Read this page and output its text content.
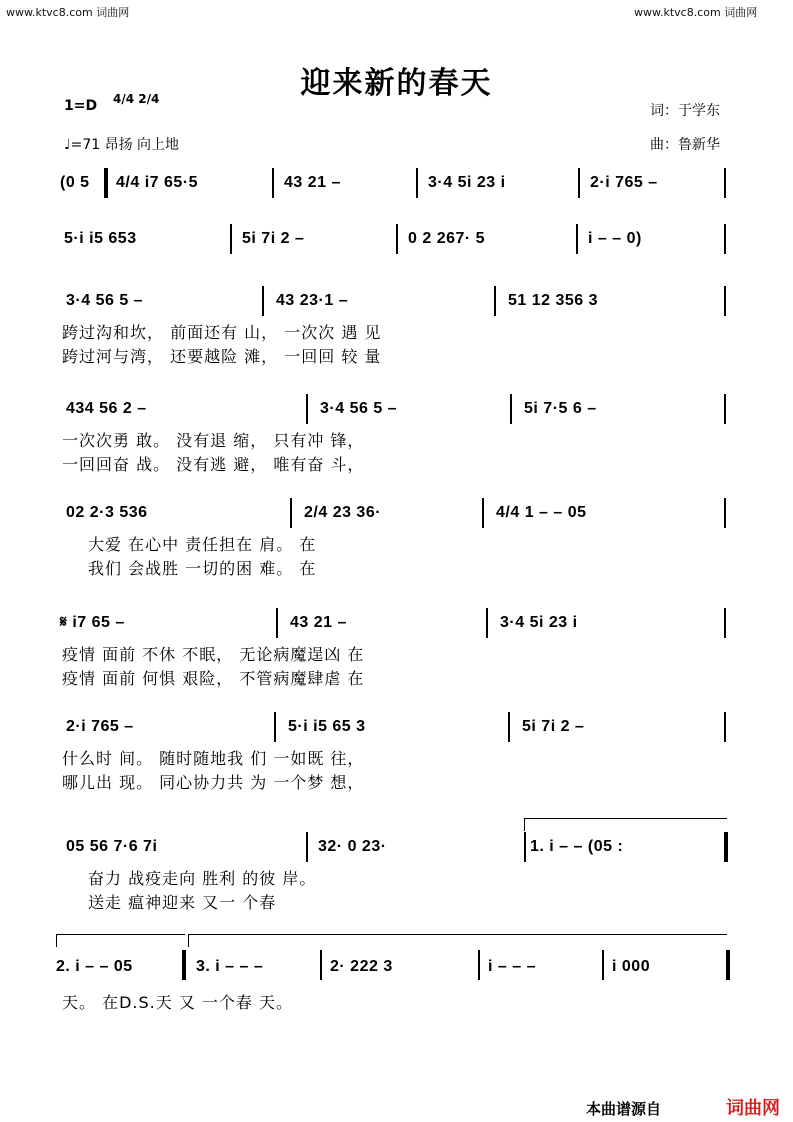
www.ktvc8.com 词曲网	www.ktvc8.com 词曲网
迎来新的春天
1=D 4/4 2/4
♩=71 昂扬 向上地
词：于学东
曲：鲁新华
(0 5 4/4 i7 65·5	43 21 –	3·4 5i 23 i	2·i 765 –
5·i i5 653	5i 7i 2 –	0 2 267· 5	i – – 0)
3·4 56 5 –	43 23·1 –	51 12 356 3
跨过沟和坎， 前面还有 山， 一次次 遇 见
跨过河与湾， 还要越险 滩， 一回回 较 量
434 56 2 –	3·4 56 5 –	5i 7·5 6 –
一次次勇 敢。 没有退 缩， 只有冲 锋，
一回回奋 战。 没有逃 避， 唯有奋 斗，
02 2·3 536	2/4 23 36·	4/4 1 – – 05
大爱 在心中 责任担在 肩。 在
我们 会战胜 一切的困 难。 在
𝄋 i7 65 –	43 21 –	3·4 5i 23 i
疫情 面前 不休 不眠， 无论病魔逞凶 在
疫情 面前 何惧 艰险， 不管病魔肆虐 在
2·i 765 –	5·i i5 65 3	5i 7i 2 –
什么时 间。 随时随地我 们 一如既 往，
哪儿出 现。 同心协力共 为 一个梦 想，
05 56 7·6 7i	32· 0 23·	1. i – – (05 :
奋力 战疫走向 胜利 的彼 岸。
送走 瘟神迎来 又一 个春
2. i – – 05	3. i – – –	2· 222 3	i – – –	i 000
天。 在D.S.天 又 一个春 天。
本曲谱源自	词曲网
